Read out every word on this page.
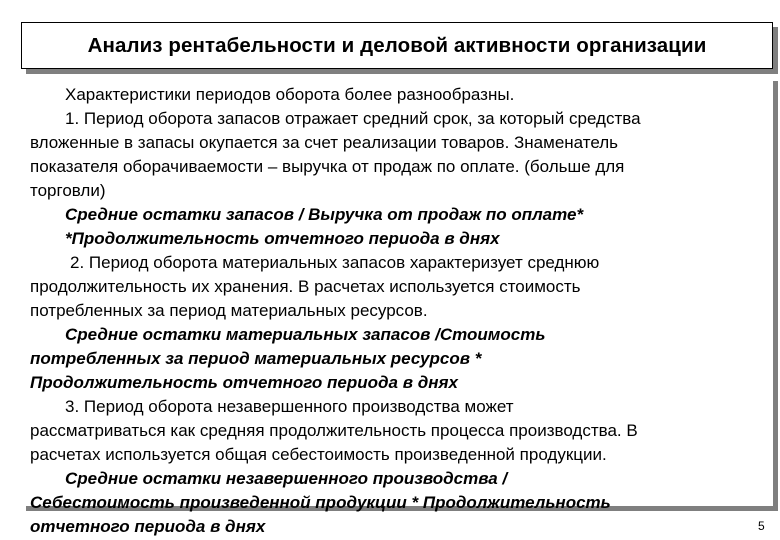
Анализ рентабельности и деловой активности организации
Характеристики периодов оборота более разнообразны.
1. Период оборота запасов отражает средний срок, за который средства
вложенные в запасы окупается за счет реализации товаров. Знаменатель
показателя оборачиваемости – выручка от продаж по оплате. (больше для
торговли)
Средние остатки запасов / Выручка от продаж по оплате*
*Продолжительность отчетного периода в днях
2. Период оборота материальных запасов характеризует среднюю
продолжительность их хранения. В расчетах используется стоимость
потребленных за период материальных ресурсов.
Средние остатки материальных запасов /Стоимость
потребленных за период материальных ресурсов *
Продолжительность отчетного периода в днях
3. Период оборота незавершенного производства может
рассматриваться как средняя продолжительность процесса производства. В
расчетах используется общая себестоимость произведенной продукции.
Средние остатки незавершенного производства /
Себестоимость произведенной продукции * Продолжительность
отчетного периода в днях	5
